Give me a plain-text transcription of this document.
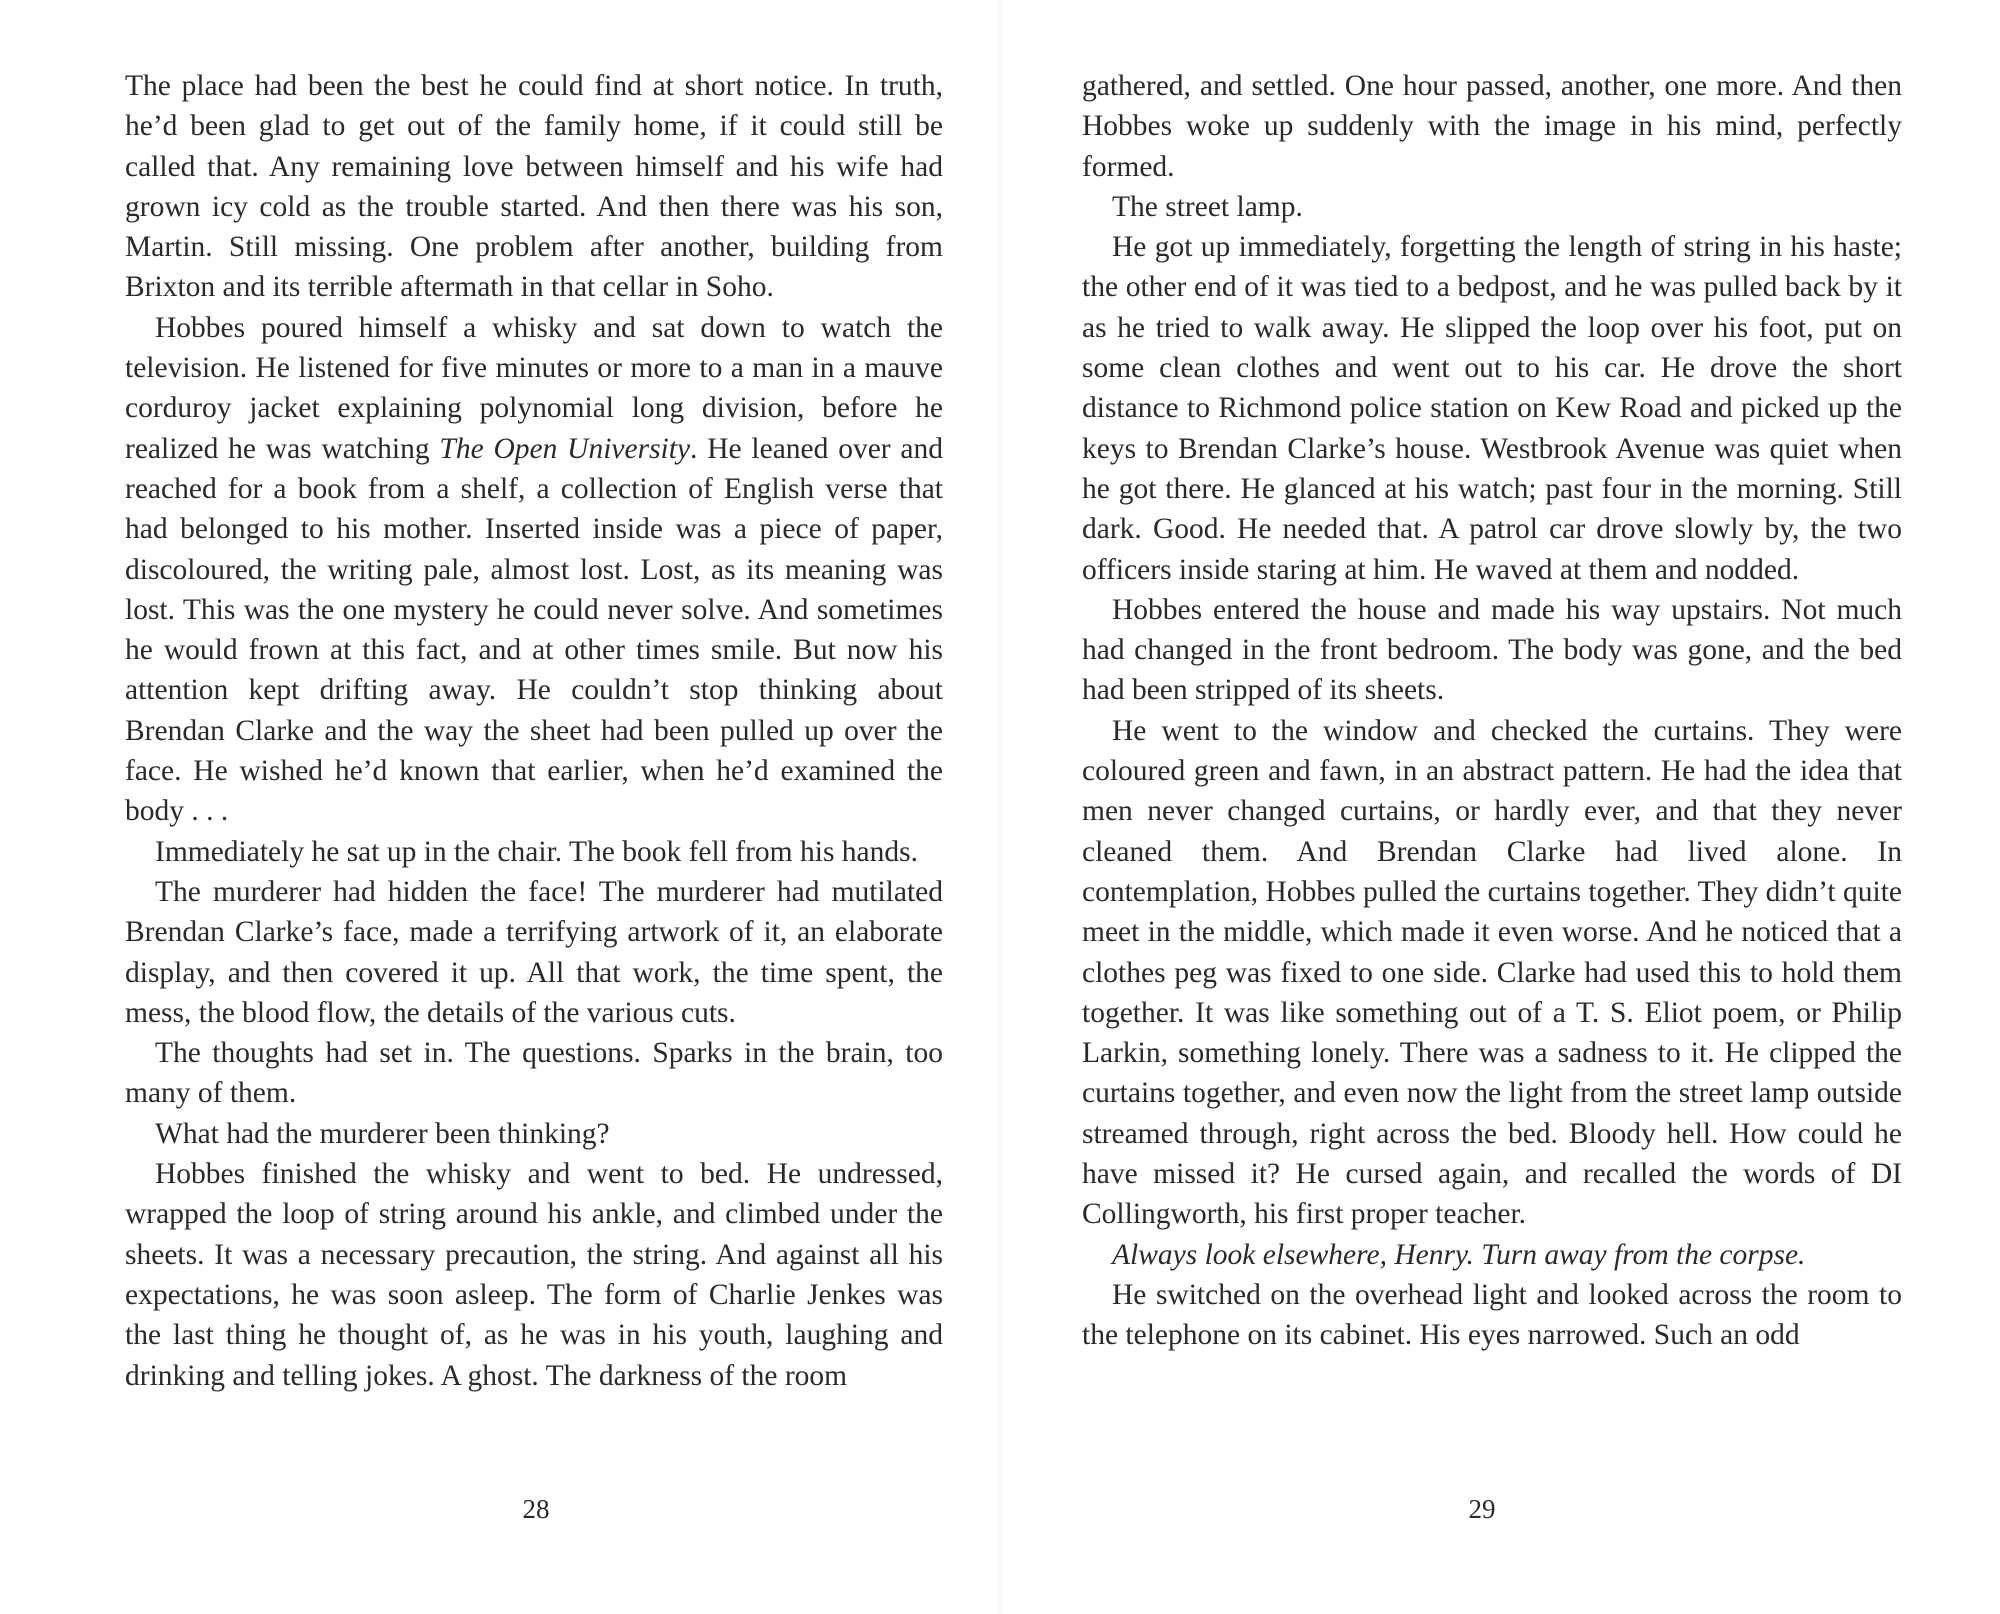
The place had been the best he could find at short notice. In truth, he’d been glad to get out of the family home, if it could still be called that. Any remaining love between himself and his wife had grown icy cold as the trouble started. And then there was his son, Martin. Still missing. One problem after another, building from Brixton and its terrible aftermath in that cellar in Soho.

Hobbes poured himself a whisky and sat down to watch the television. He listened for five minutes or more to a man in a mauve corduroy jacket explaining polynomial long division, before he realized he was watching The Open University. He leaned over and reached for a book from a shelf, a collection of English verse that had belonged to his mother. Inserted inside was a piece of paper, discoloured, the writing pale, almost lost. Lost, as its meaning was lost. This was the one mystery he could never solve. And sometimes he would frown at this fact, and at other times smile. But now his attention kept drifting away. He couldn’t stop thinking about Brendan Clarke and the way the sheet had been pulled up over the face. He wished he’d known that earlier, when he’d examined the body . . .

Immediately he sat up in the chair. The book fell from his hands.

The murderer had hidden the face! The murderer had mutilated Brendan Clarke’s face, made a terrifying artwork of it, an elaborate display, and then covered it up. All that work, the time spent, the mess, the blood flow, the details of the various cuts.

The thoughts had set in. The questions. Sparks in the brain, too many of them.

What had the murderer been thinking?

Hobbes finished the whisky and went to bed. He undressed, wrapped the loop of string around his ankle, and climbed under the sheets. It was a necessary precaution, the string. And against all his expectations, he was soon asleep. The form of Charlie Jenkes was the last thing he thought of, as he was in his youth, laughing and drinking and telling jokes. A ghost. The darkness of the room

gathered, and settled. One hour passed, another, one more. And then Hobbes woke up suddenly with the image in his mind, perfectly formed.

The street lamp.

He got up immediately, forgetting the length of string in his haste; the other end of it was tied to a bedpost, and he was pulled back by it as he tried to walk away. He slipped the loop over his foot, put on some clean clothes and went out to his car. He drove the short distance to Richmond police station on Kew Road and picked up the keys to Brendan Clarke’s house. Westbrook Avenue was quiet when he got there. He glanced at his watch; past four in the morning. Still dark. Good. He needed that. A patrol car drove slowly by, the two officers inside staring at him. He waved at them and nodded.

Hobbes entered the house and made his way upstairs. Not much had changed in the front bedroom. The body was gone, and the bed had been stripped of its sheets.

He went to the window and checked the curtains. They were coloured green and fawn, in an abstract pattern. He had the idea that men never changed curtains, or hardly ever, and that they never cleaned them. And Brendan Clarke had lived alone. In contemplation, Hobbes pulled the curtains together. They didn’t quite meet in the middle, which made it even worse. And he noticed that a clothes peg was fixed to one side. Clarke had used this to hold them together. It was like something out of a T. S. Eliot poem, or Philip Larkin, something lonely. There was a sadness to it. He clipped the curtains together, and even now the light from the street lamp outside streamed through, right across the bed. Bloody hell. How could he have missed it? He cursed again, and recalled the words of DI Collingworth, his first proper teacher.

Always look elsewhere, Henry. Turn away from the corpse.

He switched on the overhead light and looked across the room to the telephone on its cabinet. His eyes narrowed. Such an odd

28	29
